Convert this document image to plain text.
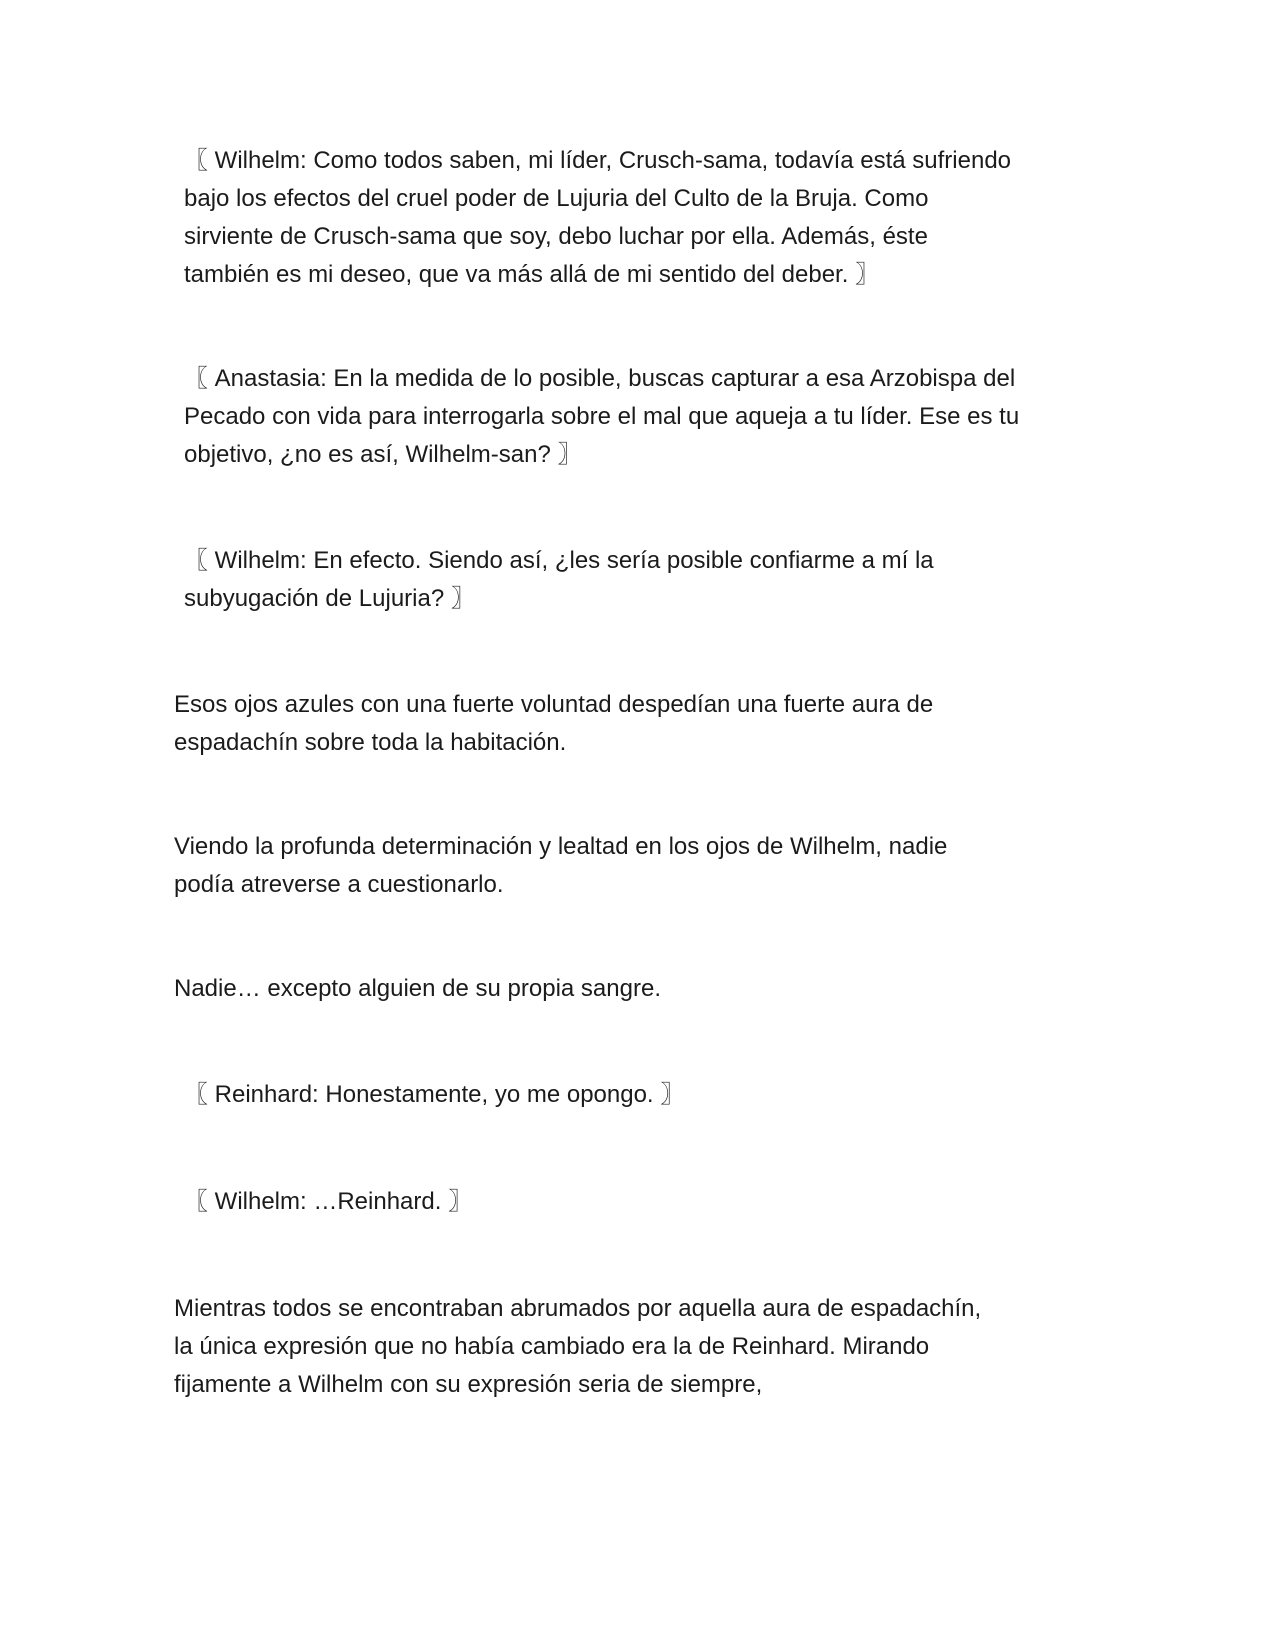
〖 Wilhelm: Como todos saben, mi líder, Crusch-sama, todavía está sufriendo
bajo los efectos del cruel poder de Lujuria del Culto de la Bruja. Como
sirviente de Crusch-sama que soy, debo luchar por ella. Además, éste
también es mi deseo, que va más allá de mi sentido del deber. 〗

〖 Anastasia: En la medida de lo posible, buscas capturar a esa Arzobispa del
Pecado con vida para interrogarla sobre el mal que aqueja a tu líder. Ese es tu
objetivo, ¿no es así, Wilhelm-san? 〗

〖 Wilhelm: En efecto. Siendo así, ¿les sería posible confiarme a mí la
subyugación de Lujuria? 〗

Esos ojos azules con una fuerte voluntad despedían una fuerte aura de
espadachín sobre toda la habitación.

Viendo la profunda determinación y lealtad en los ojos de Wilhelm, nadie
podía atreverse a cuestionarlo.

Nadie… excepto alguien de su propia sangre.

〖 Reinhard: Honestamente, yo me opongo. 〗

〖 Wilhelm: …Reinhard. 〗

Mientras todos se encontraban abrumados por aquella aura de espadachín,
la única expresión que no había cambiado era la de Reinhard. Mirando
fijamente a Wilhelm con su expresión seria de siempre,
